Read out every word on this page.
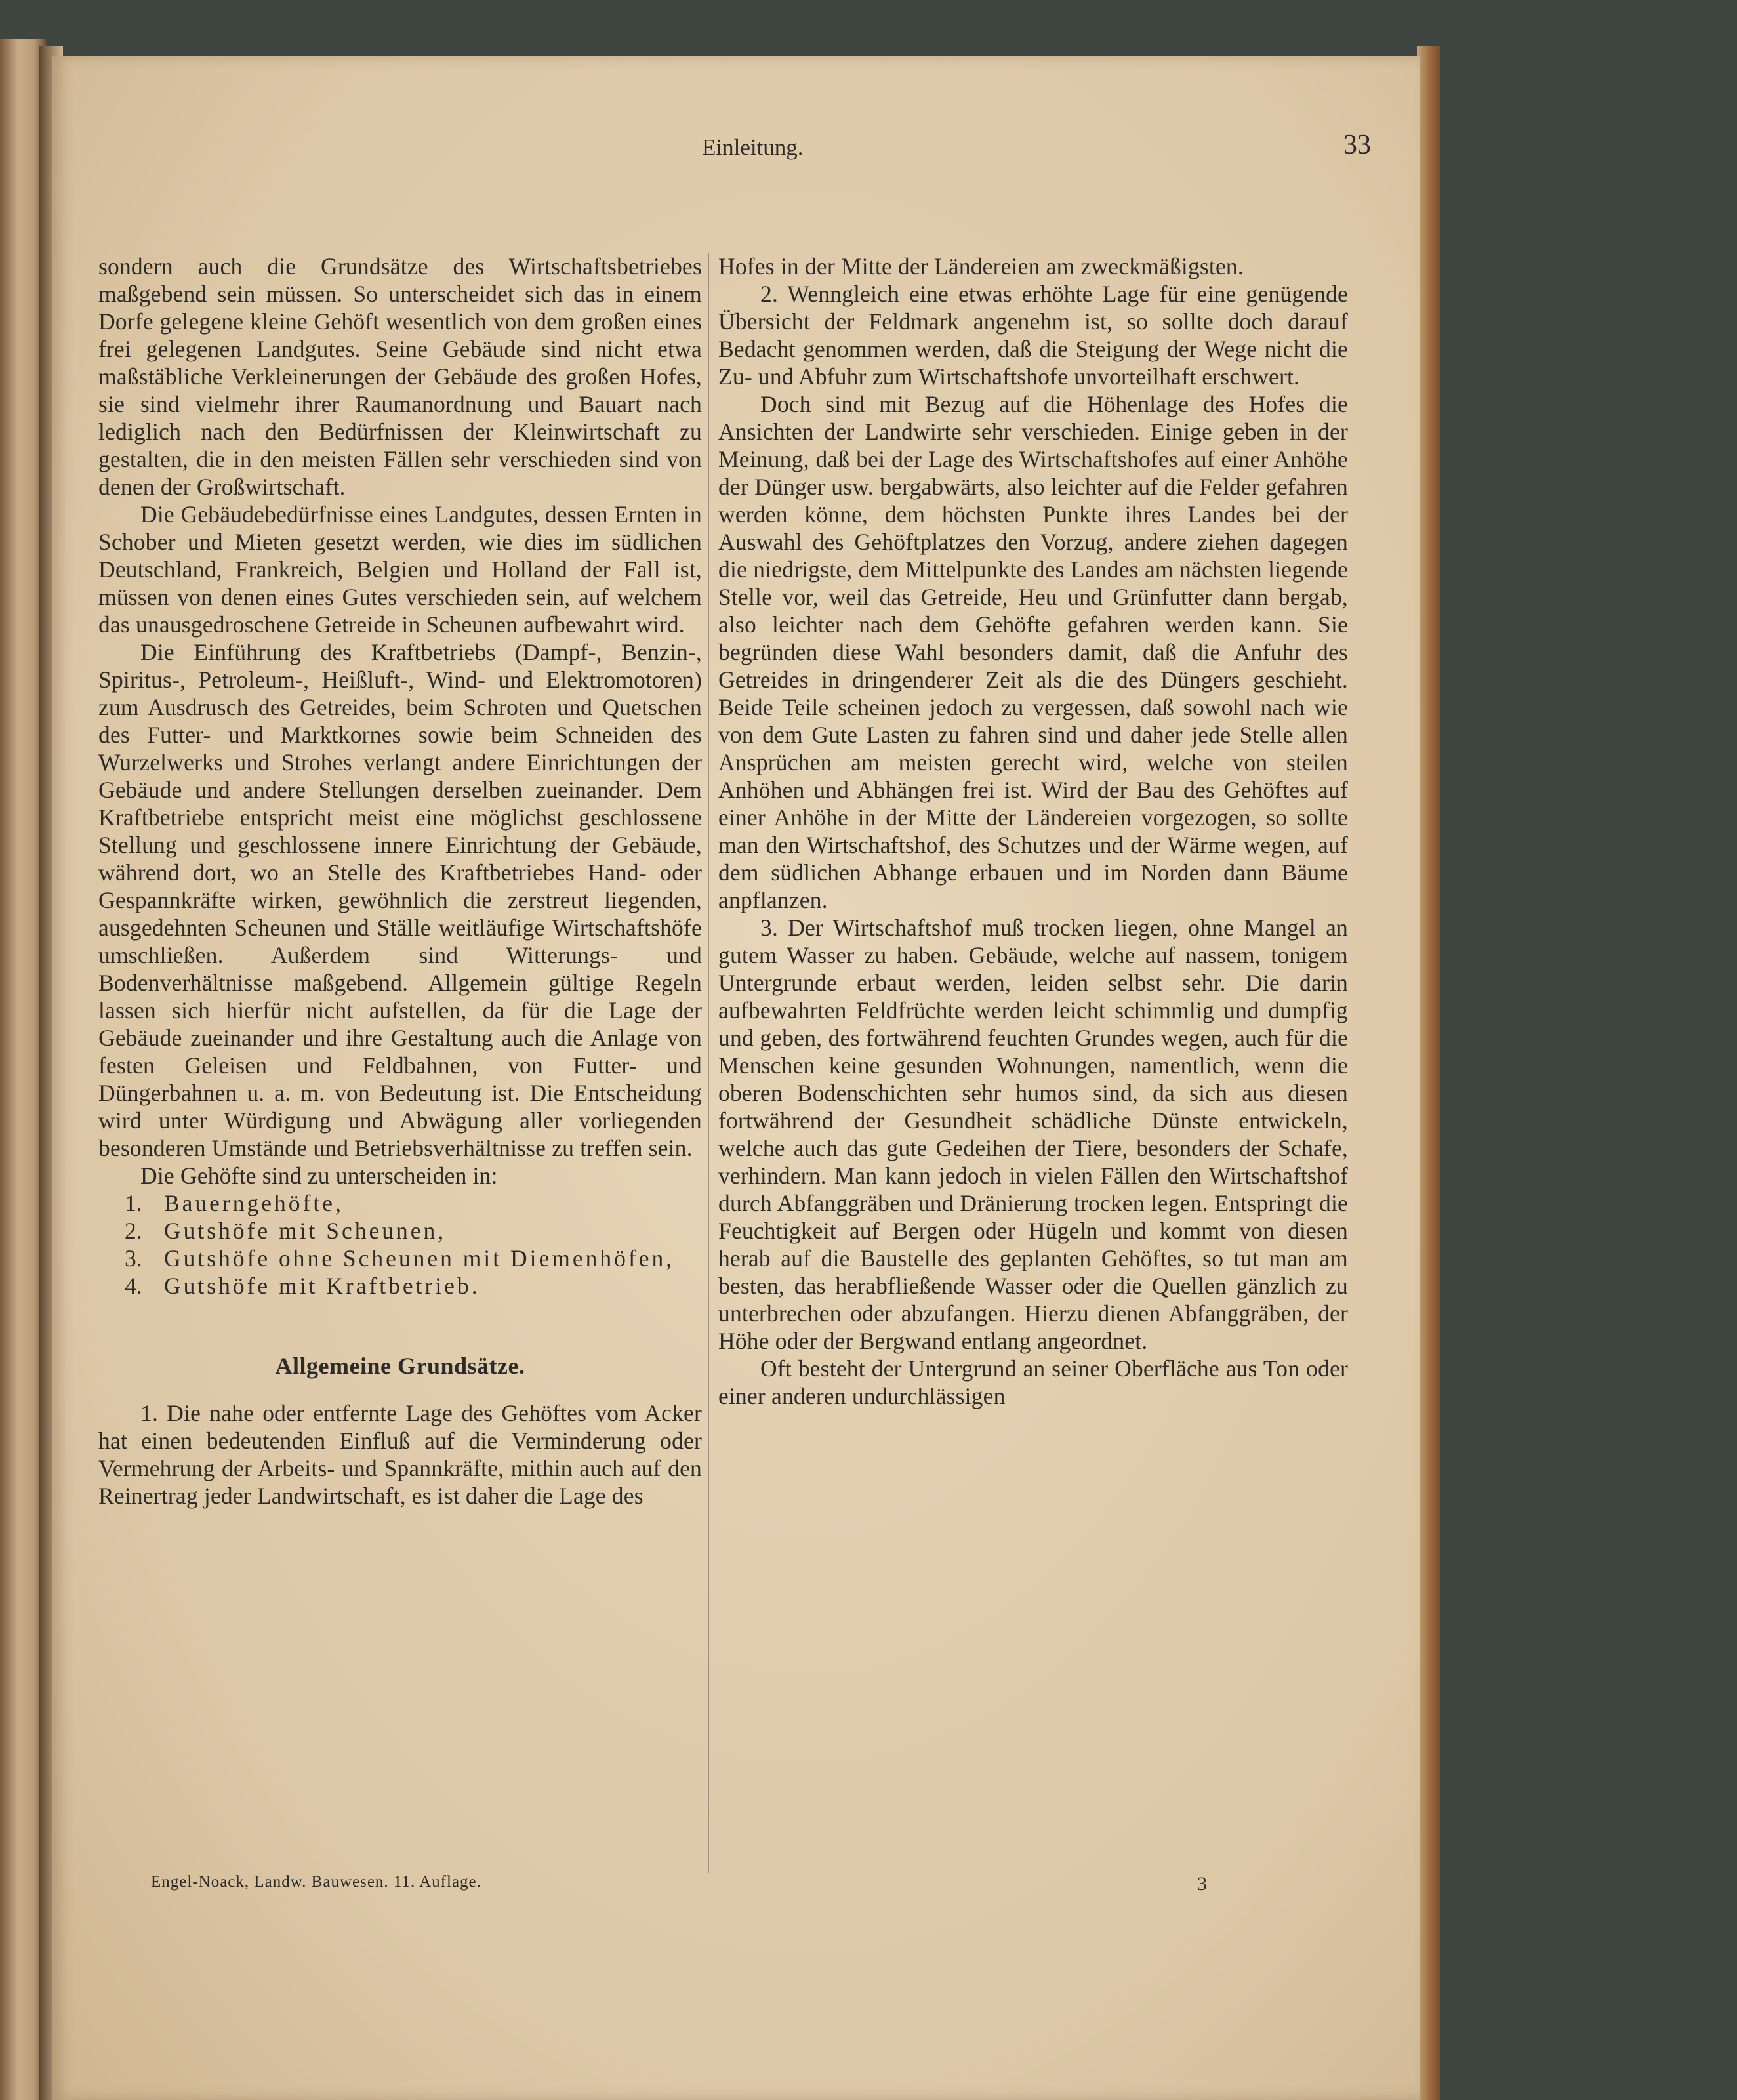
Einleitung.	33

sondern auch die Grundsätze des Wirtschaftsbetriebes maßgebend sein müssen. So unterscheidet sich das in einem Dorfe gelegene kleine Gehöft wesentlich von dem großen eines frei gelegenen Landgutes. Seine Gebäude sind nicht etwa maßstäbliche Verkleinerungen der Gebäude des großen Hofes, sie sind vielmehr ihrer Raumanordnung und Bauart nach lediglich nach den Bedürfnissen der Kleinwirtschaft zu gestalten, die in den meisten Fällen sehr verschieden sind von denen der Großwirtschaft.

Die Gebäudebedürfnisse eines Landgutes, dessen Ernten in Schober und Mieten gesetzt werden, wie dies im südlichen Deutschland, Frankreich, Belgien und Holland der Fall ist, müssen von denen eines Gutes verschieden sein, auf welchem das unausgedroschene Getreide in Scheunen aufbewahrt wird.

Die Einführung des Kraftbetriebs (Dampf-, Benzin-, Spiritus-, Petroleum-, Heißluft-, Wind- und Elektromotoren) zum Ausdrusch des Getreides, beim Schroten und Quetschen des Futter- und Marktkornes sowie beim Schneiden des Wurzelwerks und Strohes verlangt andere Einrichtungen der Gebäude und andere Stellungen derselben zueinander. Dem Kraftbetriebe entspricht meist eine möglichst geschlossene Stellung und geschlossene innere Einrichtung der Gebäude, während dort, wo an Stelle des Kraftbetriebes Hand- oder Gespannkräfte wirken, gewöhnlich die zerstreut liegenden, ausgedehnten Scheunen und Ställe weitläufige Wirtschaftshöfe umschließen. Außerdem sind Witterungs- und Bodenverhältnisse maßgebend. Allgemein gültige Regeln lassen sich hierfür nicht aufstellen, da für die Lage der Gebäude zueinander und ihre Gestaltung auch die Anlage von festen Geleisen und Feldbahnen, von Futter- und Düngerbahnen u. a. m. von Bedeutung ist. Die Entscheidung wird unter Würdigung und Abwägung aller vorliegenden besonderen Umstände und Betriebsverhältnisse zu treffen sein.

Die Gehöfte sind zu unterscheiden in:

1. Bauerngehöfte,
2. Gutshöfe mit Scheunen,
3. Gutshöfe ohne Scheunen mit Diemenhöfen,
4. Gutshöfe mit Kraftbetrieb.
Allgemeine Grundsätze.

1. Die nahe oder entfernte Lage des Gehöftes vom Acker hat einen bedeutenden Einfluß auf die Verminderung oder Vermehrung der Arbeits- und Spannkräfte, mithin auch auf den Reinertrag jeder Landwirtschaft, es ist daher die Lage des

Hofes in der Mitte der Ländereien am zweckmäßigsten.

2. Wenngleich eine etwas erhöhte Lage für eine genügende Übersicht der Feldmark angenehm ist, so sollte doch darauf Bedacht genommen werden, daß die Steigung der Wege nicht die Zu- und Abfuhr zum Wirtschaftshofe unvorteilhaft erschwert.

Doch sind mit Bezug auf die Höhenlage des Hofes die Ansichten der Landwirte sehr verschieden. Einige geben in der Meinung, daß bei der Lage des Wirtschaftshofes auf einer Anhöhe der Dünger usw. bergabwärts, also leichter auf die Felder gefahren werden könne, dem höchsten Punkte ihres Landes bei der Auswahl des Gehöftplatzes den Vorzug, andere ziehen dagegen die niedrigste, dem Mittelpunkte des Landes am nächsten liegende Stelle vor, weil das Getreide, Heu und Grünfutter dann bergab, also leichter nach dem Gehöfte gefahren werden kann. Sie begründen diese Wahl besonders damit, daß die Anfuhr des Getreides in dringenderer Zeit als die des Düngers geschieht. Beide Teile scheinen jedoch zu vergessen, daß sowohl nach wie von dem Gute Lasten zu fahren sind und daher jede Stelle allen Ansprüchen am meisten gerecht wird, welche von steilen Anhöhen und Abhängen frei ist. Wird der Bau des Gehöftes auf einer Anhöhe in der Mitte der Ländereien vorgezogen, so sollte man den Wirtschaftshof, des Schutzes und der Wärme wegen, auf dem südlichen Abhange erbauen und im Norden dann Bäume anpflanzen.

3. Der Wirtschaftshof muß trocken liegen, ohne Mangel an gutem Wasser zu haben. Gebäude, welche auf nassem, tonigem Untergrunde erbaut werden, leiden selbst sehr. Die darin aufbewahrten Feldfrüchte werden leicht schimmlig und dumpfig und geben, des fortwährend feuchten Grundes wegen, auch für die Menschen keine gesunden Wohnungen, namentlich, wenn die oberen Bodenschichten sehr humos sind, da sich aus diesen fortwährend der Gesundheit schädliche Dünste entwickeln, welche auch das gute Gedeihen der Tiere, besonders der Schafe, verhindern. Man kann jedoch in vielen Fällen den Wirtschaftshof durch Abfanggräben und Dränierung trocken legen. Entspringt die Feuchtigkeit auf Bergen oder Hügeln und kommt von diesen herab auf die Baustelle des geplanten Gehöftes, so tut man am besten, das herabfließende Wasser oder die Quellen gänzlich zu unterbrechen oder abzufangen. Hierzu dienen Abfanggräben, der Höhe oder der Bergwand entlang angeordnet.

Oft besteht der Untergrund an seiner Oberfläche aus Ton oder einer anderen undurchlässigen

Engel-Noack, Landw. Bauwesen. 11. Auflage.	3
